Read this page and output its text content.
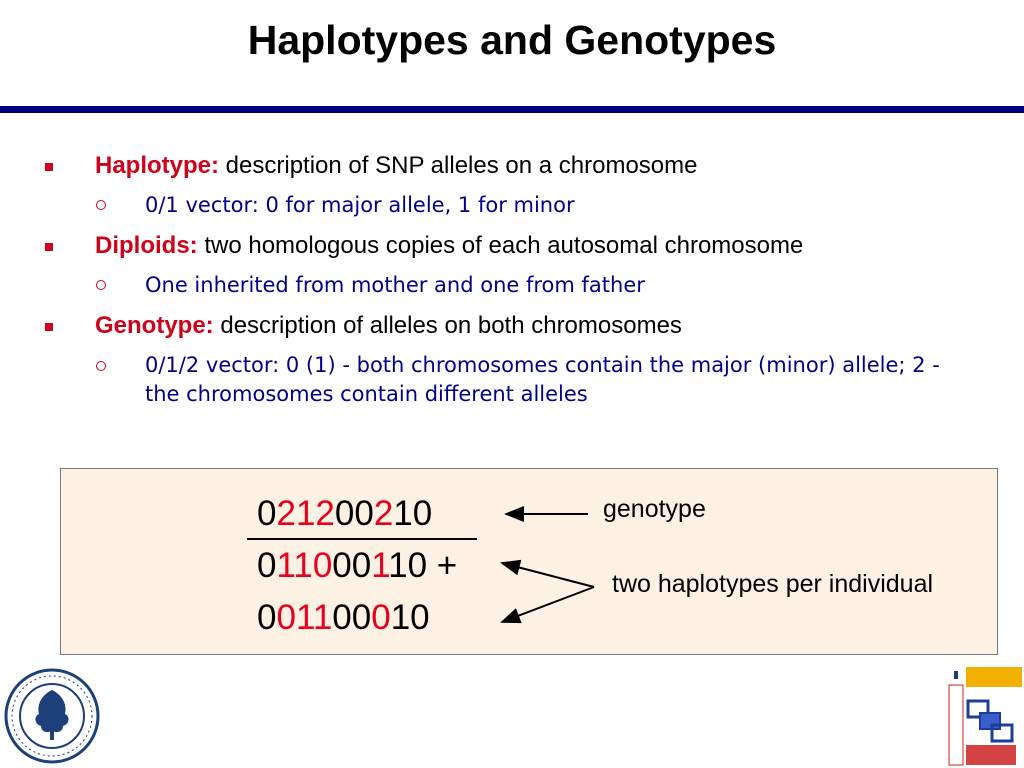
Haplotypes and Genotypes
Haplotype: description of SNP alleles on a chromosome
0/1 vector: 0 for major allele, 1 for minor
Diploids: two homologous copies of each autosomal chromosome
One inherited from mother and one from father
Genotype: description of alleles on both chromosomes
0/1/2 vector: 0 (1) - both chromosomes contain the major (minor) allele; 2 - the chromosomes contain different alleles
021200210
011000110 +
001100010
genotype
two haplotypes per individual
